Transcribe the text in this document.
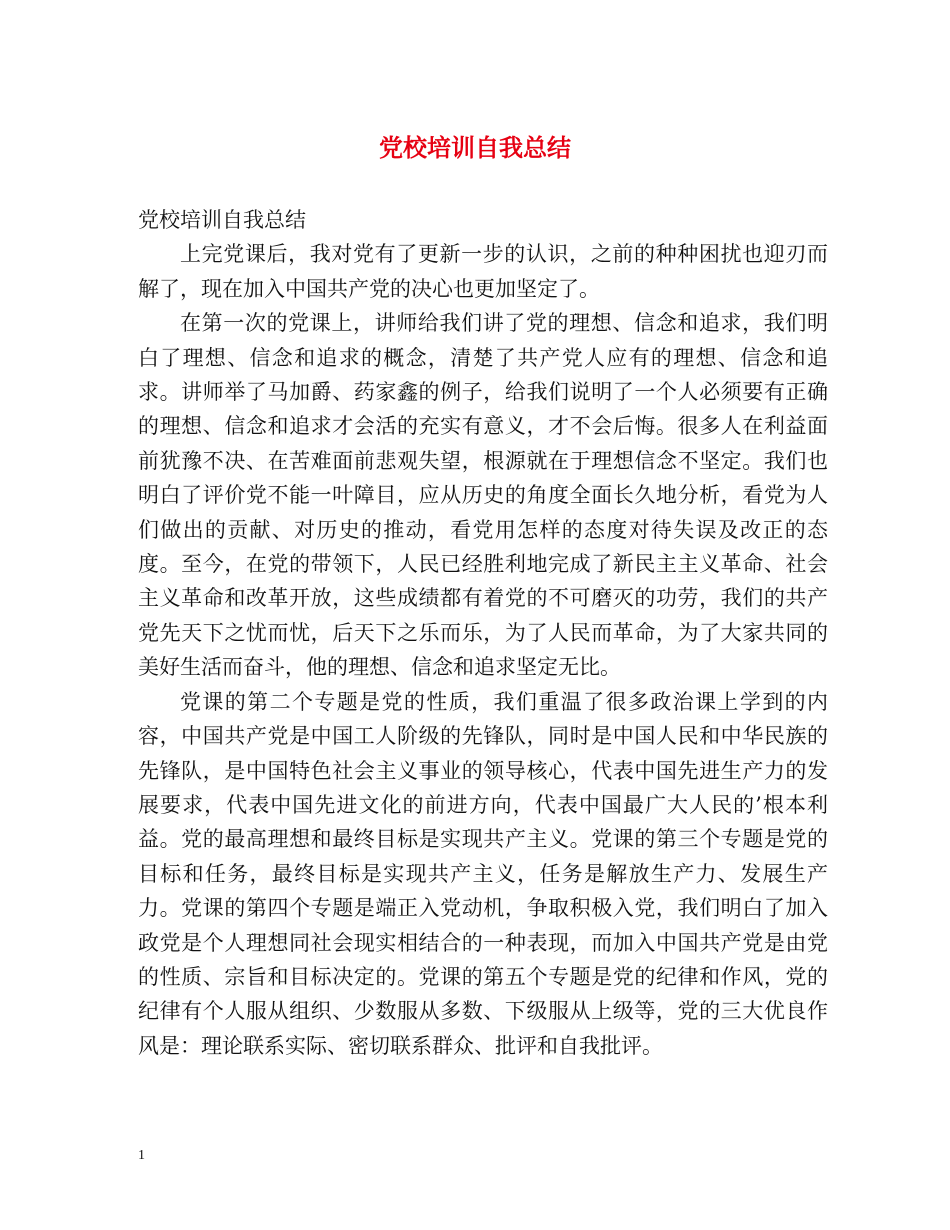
党校培训自我总结

党校培训自我总结

上完党课后，我对党有了更新一步的认识，之前的种种困扰也迎刃而解了，现在加入中国共产党的决心也更加坚定了。

在第一次的党课上，讲师给我们讲了党的理想、信念和追求，我们明白了理想、信念和追求的概念，清楚了共产党人应有的理想、信念和追求。讲师举了马加爵、药家鑫的例子，给我们说明了一个人必须要有正确的理想、信念和追求才会活的充实有意义，才不会后悔。很多人在利益面前犹豫不决、在苦难面前悲观失望，根源就在于理想信念不坚定。我们也明白了评价党不能一叶障目，应从历史的角度全面长久地分析，看党为人们做出的贡献、对历史的推动，看党用怎样的态度对待失误及改正的态度。至今，在党的带领下，人民已经胜利地完成了新民主主义革命、社会主义革命和改革开放，这些成绩都有着党的不可磨灭的功劳，我们的共产党先天下之忧而忧，后天下之乐而乐，为了人民而革命，为了大家共同的美好生活而奋斗，他的理想、信念和追求坚定无比。

党课的第二个专题是党的性质，我们重温了很多政治课上学到的内容，中国共产党是中国工人阶级的先锋队，同时是中国人民和中华民族的先锋队，是中国特色社会主义事业的领导核心，代表中国先进生产力的发展要求，代表中国先进文化的前进方向，代表中国最广大人民的’根本利益。党的最高理想和最终目标是实现共产主义。党课的第三个专题是党的目标和任务，最终目标是实现共产主义，任务是解放生产力、发展生产力。党课的第四个专题是端正入党动机，争取积极入党，我们明白了加入政党是个人理想同社会现实相结合的一种表现，而加入中国共产党是由党的性质、宗旨和目标决定的。党课的第五个专题是党的纪律和作风，党的纪律有个人服从组织、少数服从多数、下级服从上级等，党的三大优良作风是：理论联系实际、密切联系群众、批评和自我批评。

1
